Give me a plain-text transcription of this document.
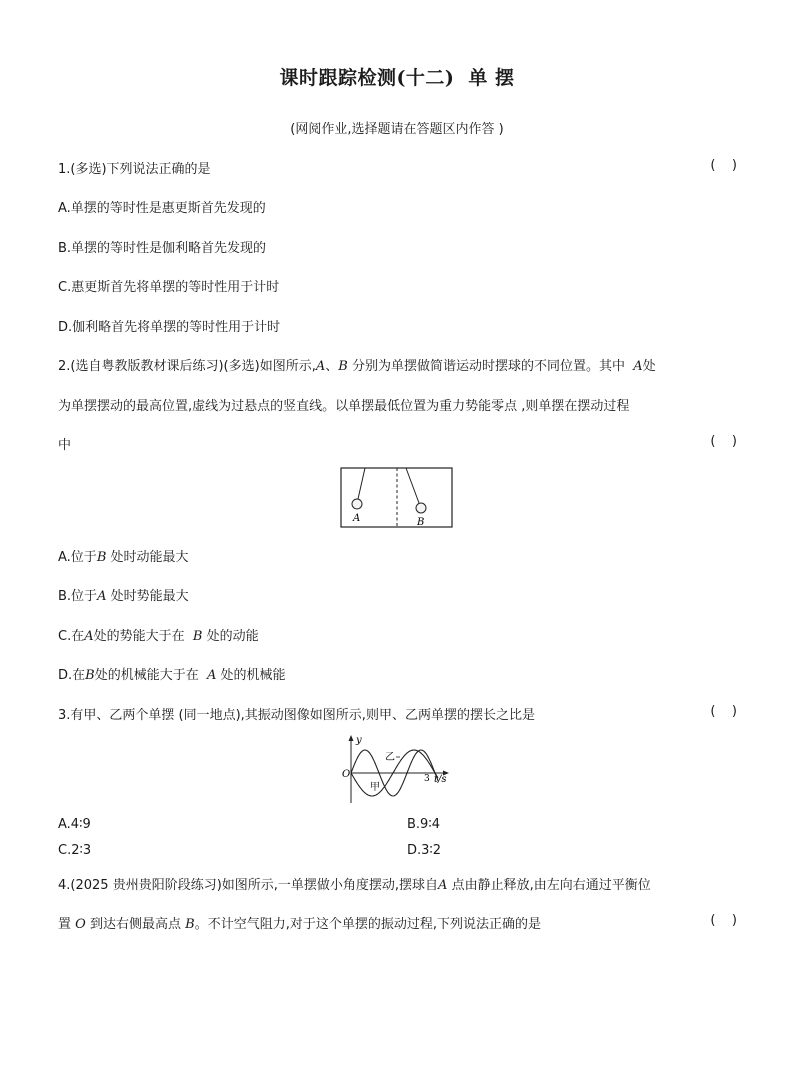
课时跟踪检测(十二) 单 摆
(网阅作业,选择题请在答题区内作答 )
1.(多选)下列说法正确的是	(    )
A.单摆的等时性是惠更斯首先发现的
B.单摆的等时性是伽利略首先发现的
C.惠更斯首先将单摆的等时性用于计时
D.伽利略首先将单摆的等时性用于计时
2.(选自粤教版教材课后练习)(多选)如图所示,A、B 分别为单摆做简谐运动时摆球的不同位置。其中 A处
为单摆摆动的最高位置,虚线为过悬点的竖直线。以单摆最低位置为重力势能零点 ,则单摆在摆动过程
中	(    )
A	B
A.位于B 处时动能最大
B.位于A 处时势能最大
C.在A处的势能大于在 B 处的动能
D.在B处的机械能大于在 A 处的机械能
3.有甲、乙两个单摆 (同一地点),其振动图像如图所示,则甲、乙两单摆的摆长之比是	(    )
y
t/s
O	3
乙
甲
A.4∶9	B.9∶4
C.2∶3	D.3∶2
4.(2025 贵州贵阳阶段练习)如图所示,一单摆做小角度摆动,摆球自A 点由静止释放,由左向右通过平衡位
置 O 到达右侧最高点 B。不计空气阻力,对于这个单摆的振动过程,下列说法正确的是	(    )
